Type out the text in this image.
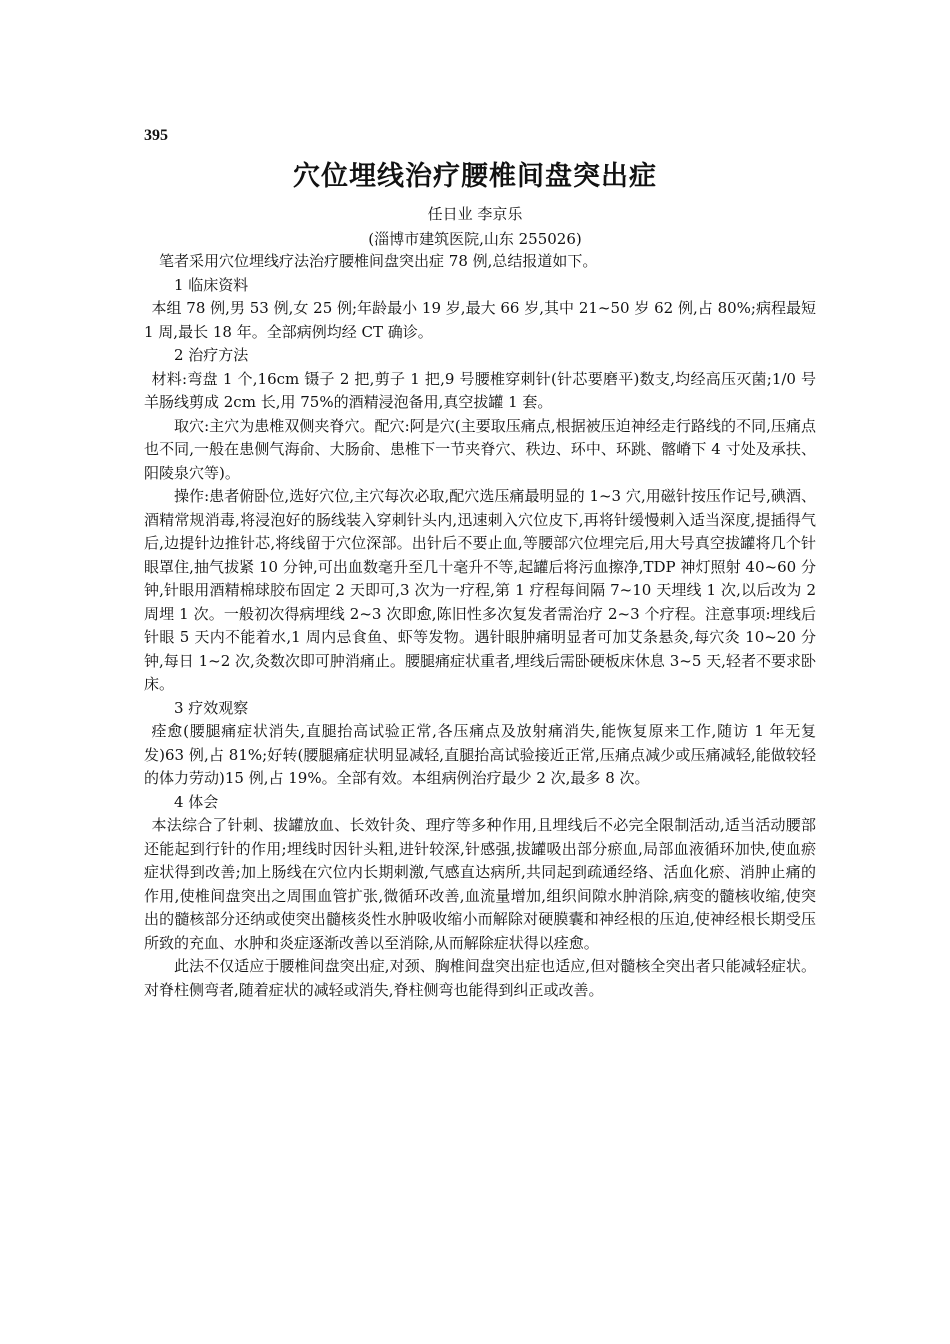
395
穴位埋线治疗腰椎间盘突出症
任日业 李京乐
(淄博市建筑医院,山东 255026)

笔者采用穴位埋线疗法治疗腰椎间盘突出症 78 例,总结报道如下。

1 临床资料

本组 78 例,男 53 例,女 25 例;年龄最小 19 岁,最大 66 岁,其中 21~50 岁 62 例,占 80%;病程最短 1 周,最长 18 年。全部病例均经 CT 确诊。

2 治疗方法

材料:弯盘 1 个,16cm 镊子 2 把,剪子 1 把,9 号腰椎穿刺针(针芯要磨平)数支,均经高压灭菌;1/0 号羊肠线剪成 2cm 长,用 75%的酒精浸泡备用,真空拔罐 1 套。

取穴:主穴为患椎双侧夹脊穴。配穴:阿是穴(主要取压痛点,根据被压迫神经走行路线的不同,压痛点也不同,一般在患侧气海俞、大肠俞、患椎下一节夹脊穴、秩边、环中、环跳、髂嵴下 4 寸处及承扶、阳陵泉穴等)。

操作:患者俯卧位,选好穴位,主穴每次必取,配穴选压痛最明显的 1~3 穴,用磁针按压作记号,碘酒、酒精常规消毒,将浸泡好的肠线装入穿刺针头内,迅速刺入穴位皮下,再将针缓慢刺入适当深度,提插得气后,边提针边推针芯,将线留于穴位深部。出针后不要止血,等腰部穴位埋完后,用大号真空拔罐将几个针眼罩住,抽气拔紧 10 分钟,可出血数毫升至几十毫升不等,起罐后将污血擦净,TDP 神灯照射 40~60 分钟,针眼用酒精棉球胶布固定 2 天即可,3 次为一疗程,第 1 疗程每间隔 7~10 天埋线 1 次,以后改为 2 周埋 1 次。一般初次得病埋线 2~3 次即愈,陈旧性多次复发者需治疗 2~3 个疗程。注意事项:埋线后针眼 5 天内不能着水,1 周内忌食鱼、虾等发物。遇针眼肿痛明显者可加艾条悬灸,每穴灸 10~20 分钟,每日 1~2 次,灸数次即可肿消痛止。腰腿痛症状重者,埋线后需卧硬板床休息 3~5 天,轻者不要求卧床。

3 疗效观察

痊愈(腰腿痛症状消失,直腿抬高试验正常,各压痛点及放射痛消失,能恢复原来工作,随访 1 年无复发)63 例,占 81%;好转(腰腿痛症状明显减轻,直腿抬高试验接近正常,压痛点减少或压痛减轻,能做较轻的体力劳动)15 例,占 19%。全部有效。本组病例治疗最少 2 次,最多 8 次。

4 体会

本法综合了针刺、拔罐放血、长效针灸、理疗等多种作用,且埋线后不必完全限制活动,适当活动腰部还能起到行针的作用;埋线时因针头粗,进针较深,针感强,拔罐吸出部分瘀血,局部血液循环加快,使血瘀症状得到改善;加上肠线在穴位内长期刺激,气感直达病所,共同起到疏通经络、活血化瘀、消肿止痛的作用,使椎间盘突出之周围血管扩张,微循环改善,血流量增加,组织间隙水肿消除,病变的髓核收缩,使突出的髓核部分还纳或使突出髓核炎性水肿吸收缩小而解除对硬膜囊和神经根的压迫,使神经根长期受压所致的充血、水肿和炎症逐渐改善以至消除,从而解除症状得以痊愈。

此法不仅适应于腰椎间盘突出症,对颈、胸椎间盘突出症也适应,但对髓核全突出者只能减轻症状。对脊柱侧弯者,随着症状的减轻或消失,脊柱侧弯也能得到纠正或改善。
